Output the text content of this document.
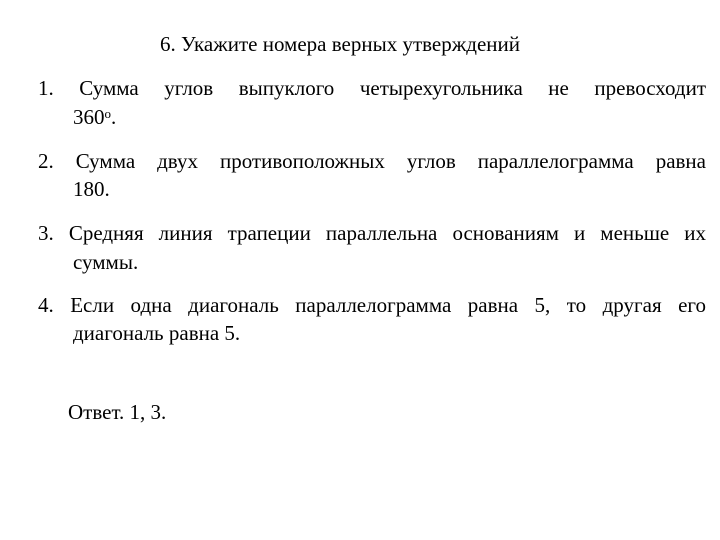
6. Укажите номера верных утверждений
1. Сумма углов выпуклого четырехугольника не превосходит
360$^o$.
2. Сумма двух противоположных углов параллелограмма равна
180.
3. Средняя линия трапеции параллельна основаниям и меньше их
суммы.
4. Если одна диагональ параллелограмма равна 5, то другая его
диагональ равна 5.
Ответ. 1, 3.
